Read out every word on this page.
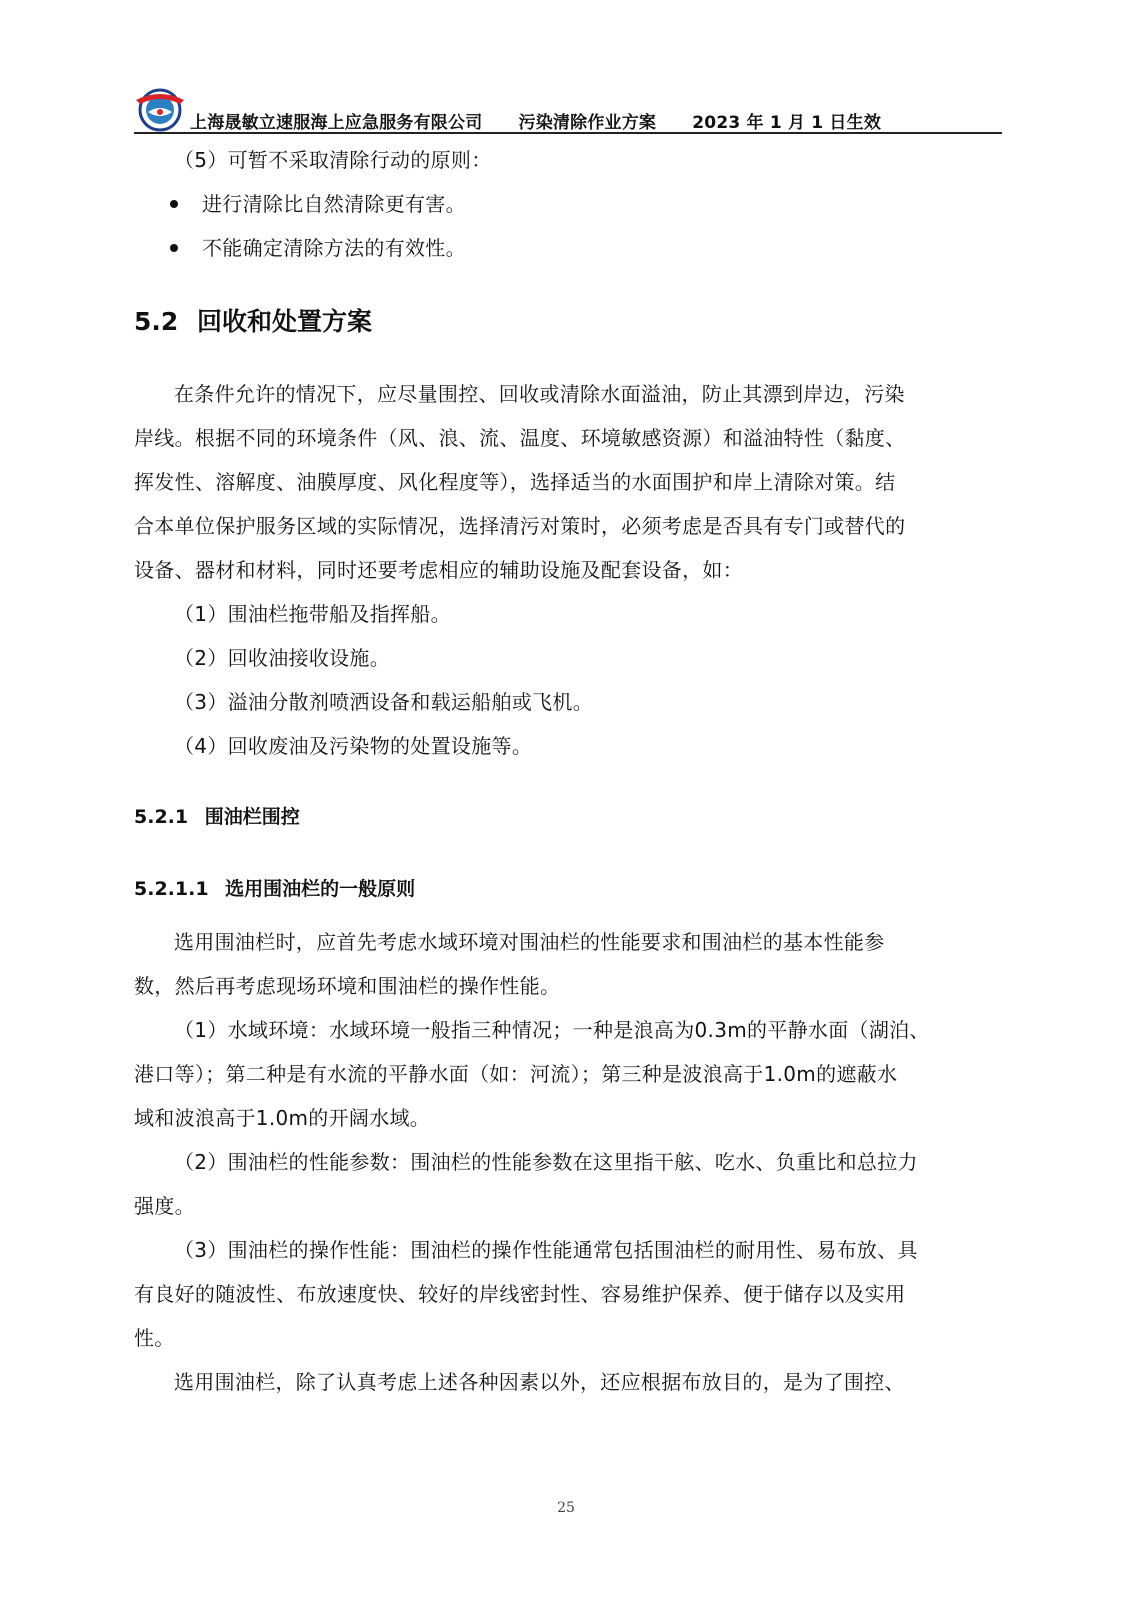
上海晟敏立速服海上应急服务有限公司 污染清除作业方案 2023 年 1 月 1 日生效
（5）可暂不采取清除行动的原则：
进行清除比自然清除更有害。
不能确定清除方法的有效性。
5.2 回收和处置方案
在条件允许的情况下，应尽量围控、回收或清除水面溢油，防止其漂到岸边，污染
岸线。根据不同的环境条件（风、浪、流、温度、环境敏感资源）和溢油特性（黏度、
挥发性、溶解度、油膜厚度、风化程度等），选择适当的水面围护和岸上清除对策。结
合本单位保护服务区域的实际情况，选择清污对策时，必须考虑是否具有专门或替代的
设备、器材和材料，同时还要考虑相应的辅助设施及配套设备，如：
（1）围油栏拖带船及指挥船。
（2）回收油接收设施。
（3）溢油分散剂喷洒设备和载运船舶或飞机。
（4）回收废油及污染物的处置设施等。
5.2.1 围油栏围控
5.2.1.1 选用围油栏的一般原则
选用围油栏时，应首先考虑水域环境对围油栏的性能要求和围油栏的基本性能参
数，然后再考虑现场环境和围油栏的操作性能。
（1）水域环境：水域环境一般指三种情况；一种是浪高为0.3m的平静水面（湖泊、
港口等）；第二种是有水流的平静水面（如：河流）；第三种是波浪高于1.0m的遮蔽水
域和波浪高于1.0m的开阔水域。
（2）围油栏的性能参数：围油栏的性能参数在这里指干舷、吃水、负重比和总拉力
强度。
（3）围油栏的操作性能：围油栏的操作性能通常包括围油栏的耐用性、易布放、具
有良好的随波性、布放速度快、较好的岸线密封性、容易维护保养、便于储存以及实用
性。
选用围油栏，除了认真考虑上述各种因素以外，还应根据布放目的，是为了围控、
25
